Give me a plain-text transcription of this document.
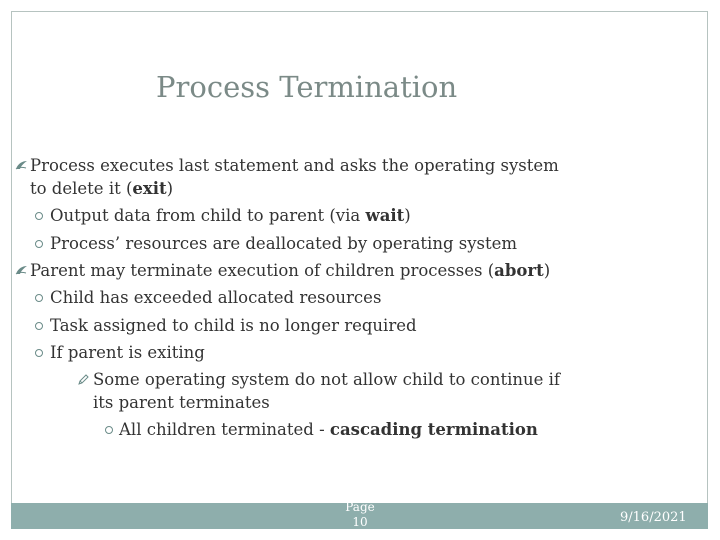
Process Termination
Process executes last statement and asks the operating system
to delete it (exit)
Output data from child to parent (via wait)
Process’ resources are deallocated by operating system
Parent may terminate execution of children processes (abort)
Child has exceeded allocated resources
Task assigned to child is no longer required
If parent is exiting
Some operating system do not allow child to continue if
its parent terminates
All children terminated - cascading termination
Page
10	9/16/2021
